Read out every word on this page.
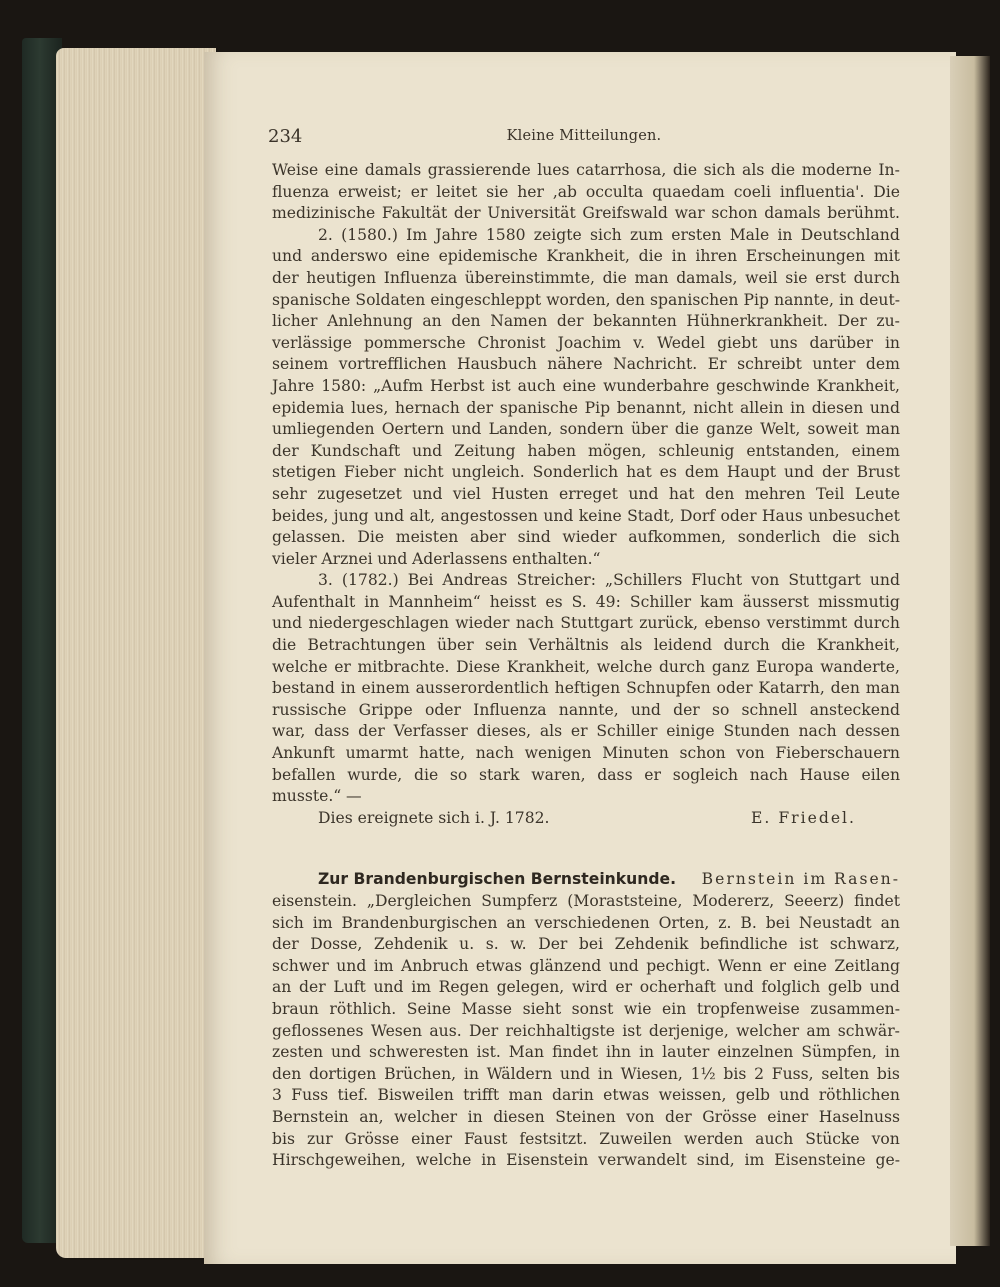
234	Kleine Mitteilungen.
Weise eine damals grassierende lues catarrhosa, die sich als die moderne In-
fluenza erweist; er leitet sie her ‚ab occulta quaedam coeli influentia'. Die
medizinische Fakultät der Universität Greifswald war schon damals berühmt.
2. (1580.) Im Jahre 1580 zeigte sich zum ersten Male in Deutschland
und anderswo eine epidemische Krankheit, die in ihren Erscheinungen mit
der heutigen Influenza übereinstimmte, die man damals, weil sie erst durch
spanische Soldaten eingeschleppt worden, den spanischen Pip nannte, in deut-
licher Anlehnung an den Namen der bekannten Hühnerkrankheit. Der zu-
verlässige pommersche Chronist Joachim v. Wedel giebt uns darüber in
seinem vortrefflichen Hausbuch nähere Nachricht. Er schreibt unter dem
Jahre 1580: „Aufm Herbst ist auch eine wunderbahre geschwinde Krankheit,
epidemia lues, hernach der spanische Pip benannt, nicht allein in diesen und
umliegenden Oertern und Landen, sondern über die ganze Welt, soweit man
der Kundschaft und Zeitung haben mögen, schleunig entstanden, einem
stetigen Fieber nicht ungleich. Sonderlich hat es dem Haupt und der Brust
sehr zugesetzet und viel Husten erreget und hat den mehren Teil Leute
beides, jung und alt, angestossen und keine Stadt, Dorf oder Haus unbesuchet
gelassen. Die meisten aber sind wieder aufkommen, sonderlich die sich
vieler Arznei und Aderlassens enthalten.“
3. (1782.) Bei Andreas Streicher: „Schillers Flucht von Stuttgart und
Aufenthalt in Mannheim“ heisst es S. 49: Schiller kam äusserst missmutig
und niedergeschlagen wieder nach Stuttgart zurück, ebenso verstimmt durch
die Betrachtungen über sein Verhältnis als leidend durch die Krankheit,
welche er mitbrachte. Diese Krankheit, welche durch ganz Europa wanderte,
bestand in einem ausserordentlich heftigen Schnupfen oder Katarrh, den man
russische Grippe oder Influenza nannte, und der so schnell ansteckend
war, dass der Verfasser dieses, als er Schiller einige Stunden nach dessen
Ankunft umarmt hatte, nach wenigen Minuten schon von Fieberschauern
befallen wurde, die so stark waren, dass er sogleich nach Hause eilen
musste.“ —
Dies ereignete sich i. J. 1782.	E. Friedel.
Zur Brandenburgischen Bernsteinkunde. Bernstein im Rasen-
eisenstein. „Dergleichen Sumpferz (Moraststeine, Modererz, Seeerz) findet
sich im Brandenburgischen an verschiedenen Orten, z. B. bei Neustadt an
der Dosse, Zehdenik u. s. w. Der bei Zehdenik befindliche ist schwarz,
schwer und im Anbruch etwas glänzend und pechigt. Wenn er eine Zeitlang
an der Luft und im Regen gelegen, wird er ocherhaft und folglich gelb und
braun röthlich. Seine Masse sieht sonst wie ein tropfenweise zusammen-
geflossenes Wesen aus. Der reichhaltigste ist derjenige, welcher am schwär-
zesten und schweresten ist. Man findet ihn in lauter einzelnen Sümpfen, in
den dortigen Brüchen, in Wäldern und in Wiesen, 1½ bis 2 Fuss, selten bis
3 Fuss tief. Bisweilen trifft man darin etwas weissen, gelb und röthlichen
Bernstein an, welcher in diesen Steinen von der Grösse einer Haselnuss
bis zur Grösse einer Faust festsitzt. Zuweilen werden auch Stücke von
Hirschgeweihen, welche in Eisenstein verwandelt sind, im Eisensteine ge-
